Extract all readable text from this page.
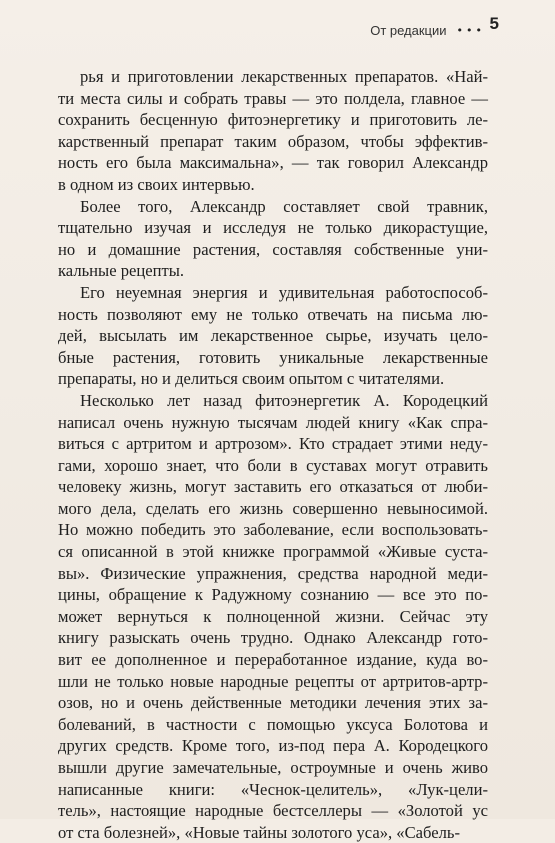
От редакции ••• 5
рья и приготовлении лекарственных препаратов. «Най-
ти места силы и собрать травы — это полдела, главное —
сохранить бесценную фитоэнергетику и приготовить ле-
карственный препарат таким образом, чтобы эффектив-
ность его была максимальна», — так говорил Александр
в одном из своих интервью.
Более того, Александр составляет свой травник,
тщательно изучая и исследуя не только дикорастущие,
но и домашние растения, составляя собственные уни-
кальные рецепты.
Его неуемная энергия и удивительная работоспособ-
ность позволяют ему не только отвечать на письма лю-
дей, высылать им лекарственное сырье, изучать цело-
бные растения, готовить уникальные лекарственные
препараты, но и делиться своим опытом с читателями.
Несколько лет назад фитоэнергетик А. Кородецкий
написал очень нужную тысячам людей книгу «Как спра-
виться с артритом и артрозом». Кто страдает этими неду-
гами, хорошо знает, что боли в суставах могут отравить
человеку жизнь, могут заставить его отказаться от люби-
мого дела, сделать его жизнь совершенно невыносимой.
Но можно победить это заболевание, если воспользовать-
ся описанной в этой книжке программой «Живые суста-
вы». Физические упражнения, средства народной меди-
цины, обращение к Радужному сознанию — все это по-
может вернуться к полноценной жизни. Сейчас эту
книгу разыскать очень трудно. Однако Александр гото-
вит ее дополненное и переработанное издание, куда во-
шли не только новые народные рецепты от артритов-артр-
озов, но и очень действенные методики лечения этих за-
болеваний, в частности с помощью уксуса Болотова и
других средств. Кроме того, из-под пера А. Кородецкого
вышли другие замечательные, остроумные и очень живо
написанные книги: «Чеснок-целитель», «Лук-цели-
тель», настоящие народные бестселлеры — «Золотой ус
от ста болезней», «Новые тайны золотого уса», «Сабель-
